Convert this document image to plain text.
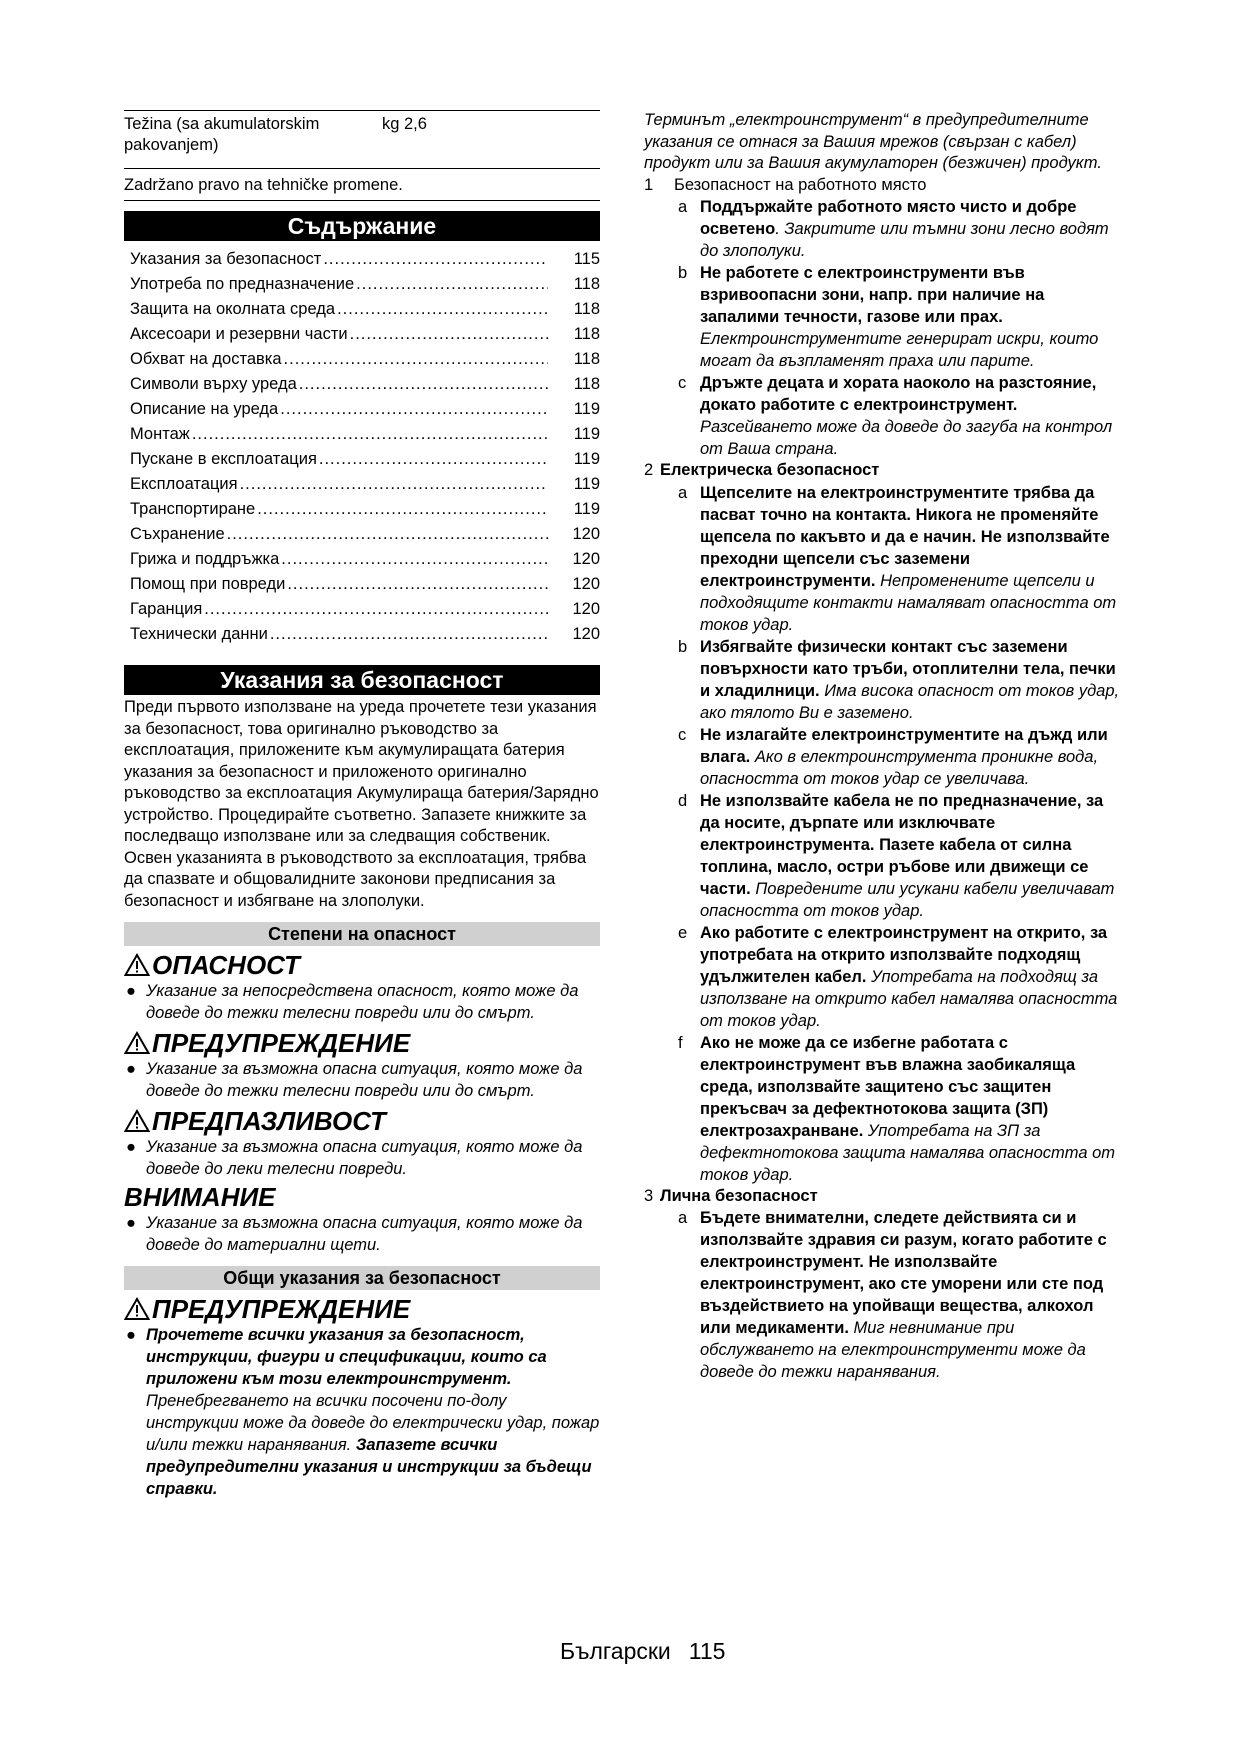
Težina (sa akumulatorskim pakovanjem)
kg 2,6
Zadržano pravo na tehničke promene.
Съдържание
Указания за безопасност .....	115
Употреба по предназначение .....	118
Защита на околната среда .....	118
Аксесоари и резервни части .....	118
Обхват на доставка .....	118
Символи върху уреда .....	118
Описание на уреда .....	119
Монтаж .....	119
Пускане в експлоатация .....	119
Експлоатация .....	119
Транспортиране .....	119
Съхранение .....	120
Грижа и поддръжка .....	120
Помощ при повреди .....	120
Гаранция .....	120
Технически данни .....	120
Указания за безопасност
Преди първото използване на уреда прочетете тези указания за безопасност, това оригинално ръководство за експлоатация, приложените към акумулиращата батерия указания за безопасност и приложеното оригинално ръководство за експлоатация Акумулираща батерия/Зарядно устройство. Процедирайте съответно. Запазете книжките за последващо използване или за следващия собственик.
Освен указанията в ръководството за експлоатация, трябва да спазвате и общовалидните законови предписания за безопасност и избягване на злополуки.
Степени на опасност
ОПАСНОСТ
● Указание за непосредствена опасност, която може да доведе до тежки телесни повреди или до смърт.
ПРЕДУПРЕЖДЕНИЕ
● Указание за възможна опасна ситуация, която може да доведе до тежки телесни повреди или до смърт.
ПРЕДПАЗЛИВОСТ
● Указание за възможна опасна ситуация, която може да доведе до леки телесни повреди.
ВНИМАНИЕ
● Указание за възможна опасна ситуация, която може да доведе до материални щети.
Общи указания за безопасност
ПРЕДУПРЕЖДЕНИЕ
● Прочетете всички указания за безопасност, инструкции, фигури и спецификации, които са приложени към този електроинструмент. Пренебрегването на всички посочени по-долу инструкции може да доведе до електрически удар, пожар и/или тежки наранявания. Запазете всички предупредителни указания и инструкции за бъдещи справки.
Терминът „електроинструмент“ в предупредителните указания се отнася за Вашия мрежов (свързан с кабел) продукт или за Вашия акумулаторен (безжичен) продукт.
1	Безопасност на работното място
a Поддържайте работното място чисто и добре осветено. Закритите или тъмни зони лесно водят до злополуки.
b Не работете с електроинструменти във взривоопасни зони, напр. при наличие на запалими течности, газове или прах. Електроинструментите генерират искри, които могат да възпламенят праха или парите.
c Дръжте децата и хората наоколо на разстояние, докато работите с електроинструмент. Разсейването може да доведе до загуба на контрол от Ваша страна.
2 Електрическа безопасност
a Щепселите на електроинструментите трябва да пасват точно на контакта. Никога не променяйте щепсела по какъвто и да е начин. Не използвайте преходни щепсели със заземени електроинструменти. Непроменените щепсели и подходящите контакти намаляват опасността от токов удар.
b Избягвайте физически контакт със заземени повърхности като тръби, отоплителни тела, печки и хладилници. Има висока опасност от токов удар, ако тялото Ви е заземено.
c Не излагайте електроинструментите на дъжд или влага. Ако в електроинструмента проникне вода, опасността от токов удар се увеличава.
d Не използвайте кабела не по предназначение, за да носите, дърпате или изключвате електроинструмента. Пазете кабела от силна топлина, масло, остри ръбове или движещи се части. Повредените или усукани кабели увеличават опасността от токов удар.
e Ако работите с електроинструмент на открито, за употребата на открито използвайте подходящ удължителен кабел. Употребата на подходящ за използване на открито кабел намалява опасността от токов удар.
f	Ако не може да се избегне работата с електроинструмент във влажна заобикаляща среда, използвайте защитено със защитен прекъсвач за дефектнотокова защита (ЗП) електрозахранване. Употребата на ЗП за дефектнотокова защита намалява опасността от токов удар.
3 Лична безопасност
a Бъдете внимателни, следете действията си и използвайте здравия си разум, когато работите с електроинструмент. Не използвайте електроинструмент, ако сте уморени или сте под въздействието на упойващи вещества, алкохол или медикаменти. Миг невнимание при обслужването на електроинструменти може да доведе до тежки наранявания.
Български 115
